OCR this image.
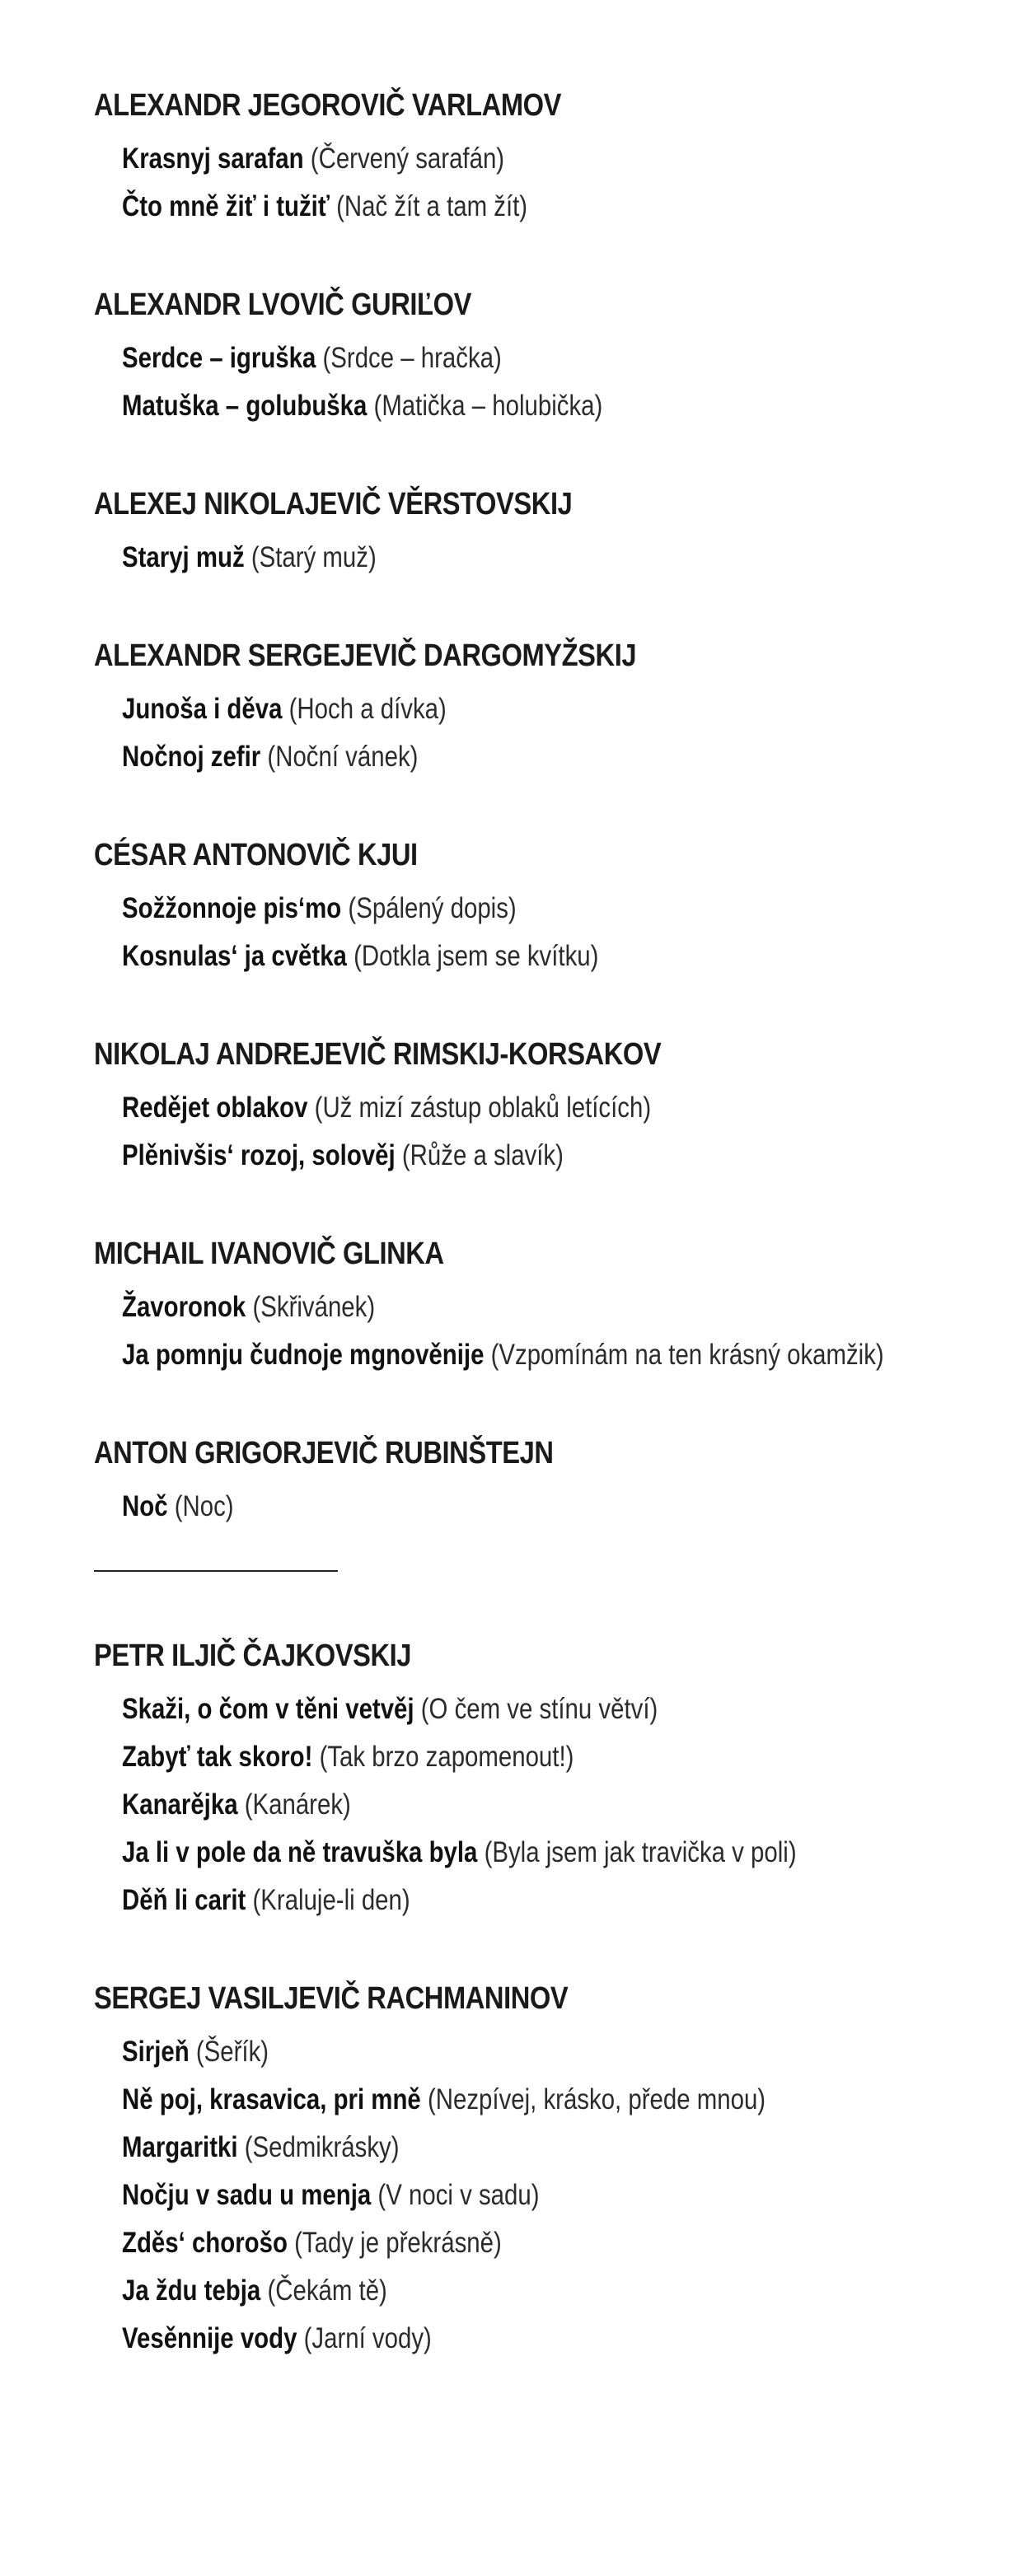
ALEXANDR JEGOROVIČ VARLAMOV
Krasnyj sarafan (Červený sarafán)
Čto mně žiť i tužiť (Nač žít a tam žít)
ALEXANDR LVOVIČ GURIĽOV
Serdce – igruška (Srdce – hračka)
Matuška – golubuška (Matička – holubička)
ALEXEJ NIKOLAJEVIČ VĚRSTOVSKIJ
Staryj muž (Starý muž)
ALEXANDR SERGEJEVIČ DARGOMYŽSKIJ
Junoša i děva (Hoch a dívka)
Nočnoj zefir (Noční vánek)
CÉSAR ANTONOVIČ KJUI
Sožžonnoje pis‘mo (Spálený dopis)
Kosnulas‘ ja cvětka (Dotkla jsem se kvítku)
NIKOLAJ ANDREJEVIČ RIMSKIJ-KORSAKOV
Redějet oblakov (Už mizí zástup oblaků letících)
Plěnivšis‘ rozoj, solověj (Růže a slavík)
MICHAIL IVANOVIČ GLINKA
Žavoronok (Skřivánek)
Ja pomnju čudnoje mgnověnije (Vzpomínám na ten krásný okamžik)
ANTON GRIGORJEVIČ RUBINŠTEJN
Noč (Noc)
PETR ILJIČ ČAJKOVSKIJ
Skaži, o čom v těni vetvěj (O čem ve stínu větví)
Zabyť tak skoro! (Tak brzo zapomenout!)
Kanarějka (Kanárek)
Ja li v pole da ně travuška byla (Byla jsem jak travička v poli)
Děň li carit (Kraluje-li den)
SERGEJ VASILJEVIČ RACHMANINOV
Sirjeň (Šeřík)
Ně poj, krasavica, pri mně (Nezpívej, krásko, přede mnou)
Margaritki (Sedmikrásky)
Nočju v sadu u menja (V noci v sadu)
Zděs‘ chorošo (Tady je překrásně)
Ja ždu tebja (Čekám tě)
Vesěnnije vody (Jarní vody)
